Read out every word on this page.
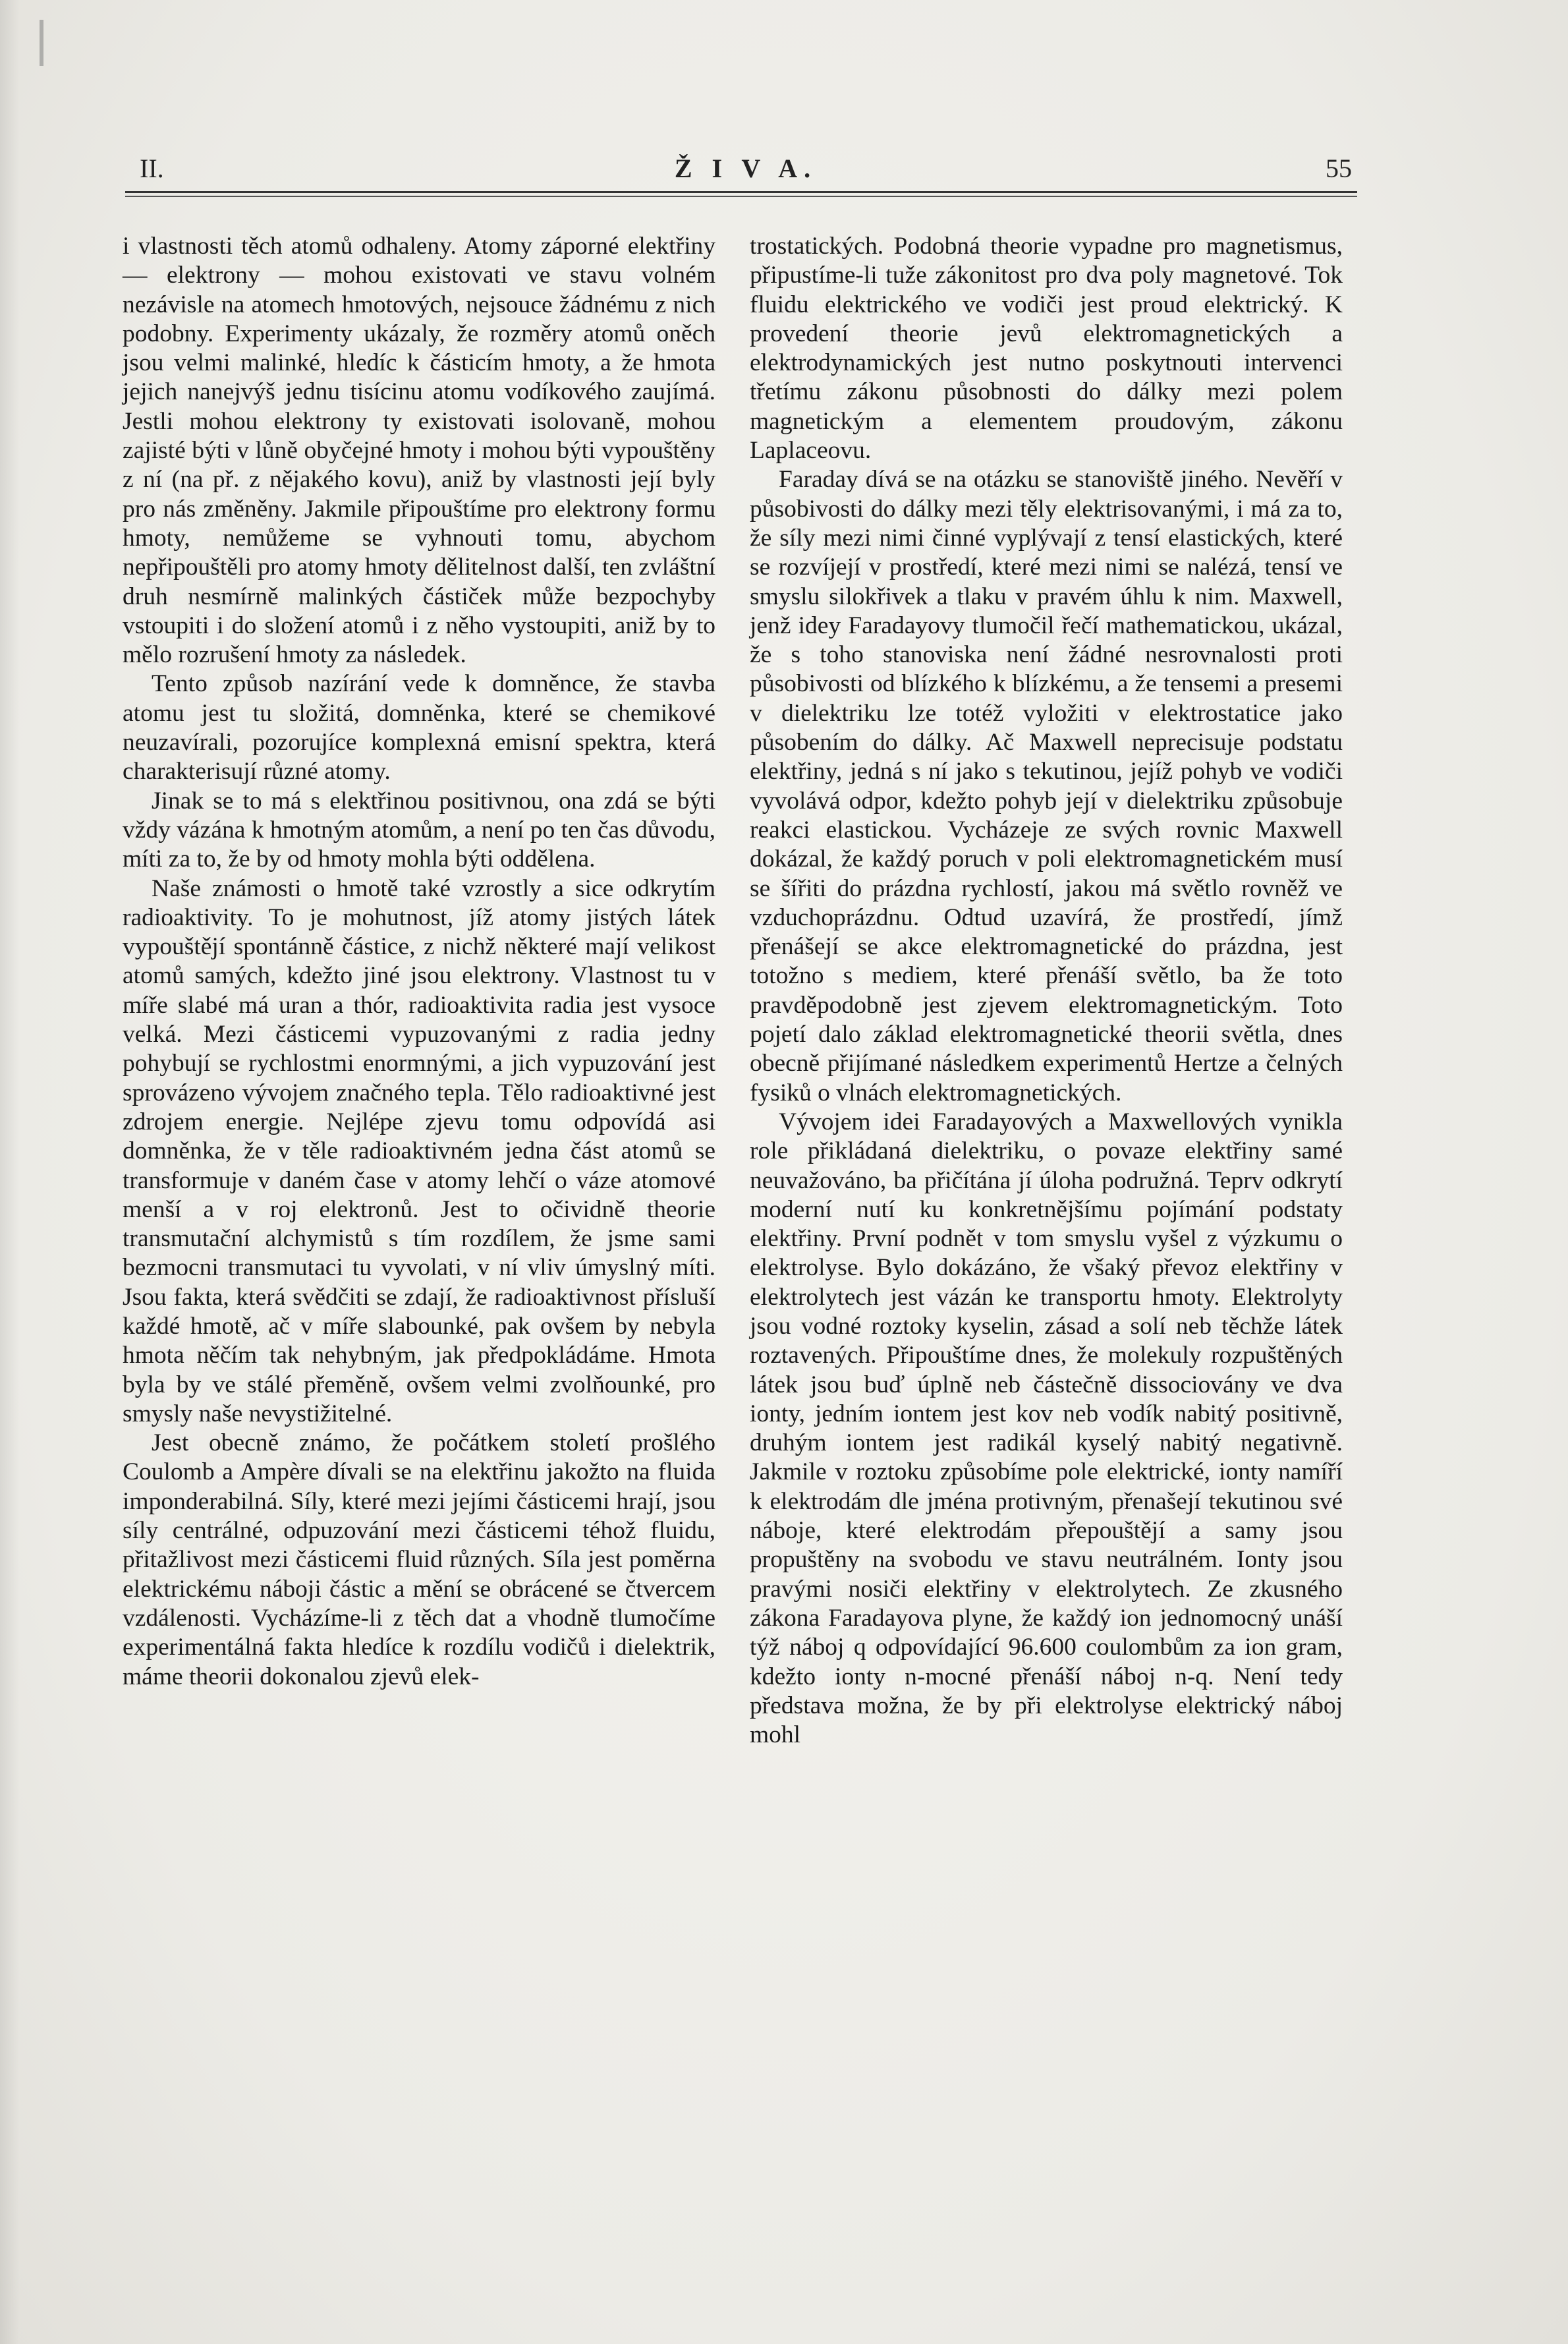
II.	Ž I V A.	55

i vlastnosti těch atomů odhaleny. Atomy záporné elektřiny — elektrony — mohou existovati ve stavu volném nezávisle na atomech hmotových, nejsouce žádnému z nich podobny. Experimenty ukázaly, že rozměry atomů oněch jsou velmi malinké, hledíc k částicím hmoty, a že hmota jejich nanejvýš jednu tisícinu atomu vodíkového zaujímá. Jestli mohou elektrony ty existovati isolovaně, mohou zajisté býti v lůně obyčejné hmoty i mohou býti vypouštěny z ní (na př. z nějakého kovu), aniž by vlastnosti její byly pro nás změněny. Jakmile připouštíme pro elektrony formu hmoty, nemůžeme se vyhnouti tomu, abychom nepřipouštěli pro atomy hmoty dělitelnost další, ten zvláštní druh nesmírně malinkých částiček může bezpochyby vstoupiti i do složení atomů i z něho vystoupiti, aniž by to mělo rozrušení hmoty za následek.

Tento způsob nazírání vede k domněnce, že stavba atomu jest tu složitá, domněnka, které se chemikové neuzavírali, pozorujíce komplexná emisní spektra, která charakterisují různé atomy.

Jinak se to má s elektřinou positivnou, ona zdá se býti vždy vázána k hmotným atomům, a není po ten čas důvodu, míti za to, že by od hmoty mohla býti oddělena.

Naše známosti o hmotě také vzrostly a sice odkrytím radioaktivity. To je mohutnost, jíž atomy jistých látek vypouštějí spontánně částice, z nichž některé mají velikost atomů samých, kdežto jiné jsou elektrony. Vlastnost tu v míře slabé má uran a thór, radioaktivita radia jest vysoce velká. Mezi částicemi vypuzovanými z radia jedny pohybují se rychlostmi enormnými, a jich vypuzování jest sprovázeno vývojem značného tepla. Tělo radioaktivné jest zdrojem energie. Nejlépe zjevu tomu odpovídá asi domněnka, že v těle radioaktivném jedna část atomů se transformuje v daném čase v atomy lehčí o váze atomové menší a v roj elektronů. Jest to očividně theorie transmutační alchymistů s tím rozdílem, že jsme sami bezmocni transmutaci tu vyvolati, v ní vliv úmyslný míti. Jsou fakta, která svědčiti se zdají, že radioaktivnost přísluší každé hmotě, ač v míře slabounké, pak ovšem by nebyla hmota něčím tak nehybným, jak předpokládáme. Hmota byla by ve stálé přeměně, ovšem velmi zvolňounké, pro smysly naše nevystižitelné.

Jest obecně známo, že počátkem století prošlého Coulomb a Ampère dívali se na elektřinu jakožto na fluida imponderabilná. Síly, které mezi jejími částicemi hrají, jsou síly centrálné, odpuzování mezi částicemi téhož fluidu, přitažlivost mezi částicemi fluid různých. Síla jest poměrna elektrickému náboji částic a mění se obrácené se čtvercem vzdálenosti. Vycházíme-li z těch dat a vhodně tlumočíme experimentálná fakta hledíce k rozdílu vodičů i dielektrik, máme theorii dokonalou zjevů elek-

trostatických. Podobná theorie vypadne pro magnetismus, připustíme-li tuže zákonitost pro dva poly magnetové. Tok fluidu elektrického ve vodiči jest proud elektrický. K provedení theorie jevů elektromagnetických a elektrodynamických jest nutno poskytnouti intervenci třetímu zákonu působnosti do dálky mezi polem magnetickým a elementem proudovým, zákonu Laplaceovu.

Faraday dívá se na otázku se stanoviště jiného. Nevěří v působivosti do dálky mezi těly elektrisovanými, i má za to, že síly mezi nimi činné vyplývají z tensí elastických, které se rozvíjejí v prostředí, které mezi nimi se nalézá, tensí ve smyslu silokřivek a tlaku v pravém úhlu k nim. Maxwell, jenž idey Faradayovy tlumočil řečí mathematickou, ukázal, že s toho stanoviska není žádné nesrovnalosti proti působivosti od blízkého k blízkému, a že tensemi a presemi v dielektriku lze totéž vyložiti v elektrostatice jako působením do dálky. Ač Maxwell neprecisuje podstatu elektřiny, jedná s ní jako s tekutinou, jejíž pohyb ve vodiči vyvolává odpor, kdežto pohyb její v dielektriku způsobuje reakci elastickou. Vycházeje ze svých rovnic Maxwell dokázal, že každý poruch v poli elektromagnetickém musí se šířiti do prázdna rychlostí, jakou má světlo rovněž ve vzduchoprázdnu. Odtud uzavírá, že prostředí, jímž přenášejí se akce elektromagnetické do prázdna, jest totožno s mediem, které přenáší světlo, ba že toto pravděpodobně jest zjevem elektromagnetickým. Toto pojetí dalo základ elektromagnetické theorii světla, dnes obecně přijímané následkem experimentů Hertze a čelných fysiků o vlnách elektromagnetických.

Vývojem idei Faradayových a Maxwellových vynikla role přikládaná dielektriku, o povaze elektřiny samé neuvažováno, ba přičítána jí úloha podružná. Teprv odkrytí moderní nutí ku konkretnějšímu pojímání podstaty elektřiny. První podnět v tom smyslu vyšel z výzkumu o elektrolyse. Bylo dokázáno, že všaký převoz elektřiny v elektrolytech jest vázán ke transportu hmoty. Elektrolyty jsou vodné roztoky kyselin, zásad a solí neb těchže látek roztavených. Připouštíme dnes, že molekuly rozpuštěných látek jsou buď úplně neb částečně dissociovány ve dva ionty, jedním iontem jest kov neb vodík nabitý positivně, druhým iontem jest radikál kyselý nabitý negativně. Jakmile v roztoku způsobíme pole elektrické, ionty namíří k elektrodám dle jména protivným, přenašejí tekutinou své náboje, které elektrodám přepouštějí a samy jsou propuštěny na svobodu ve stavu neutrálném. Ionty jsou pravými nosiči elektřiny v elektrolytech. Ze zkusného zákona Faradayova plyne, že každý ion jednomocný unáší týž náboj q odpovídající 96.600 coulombům za ion gram, kdežto ionty n-mocné přenáší náboj n-q. Není tedy představa možna, že by při elektrolyse elektrický náboj mohl
